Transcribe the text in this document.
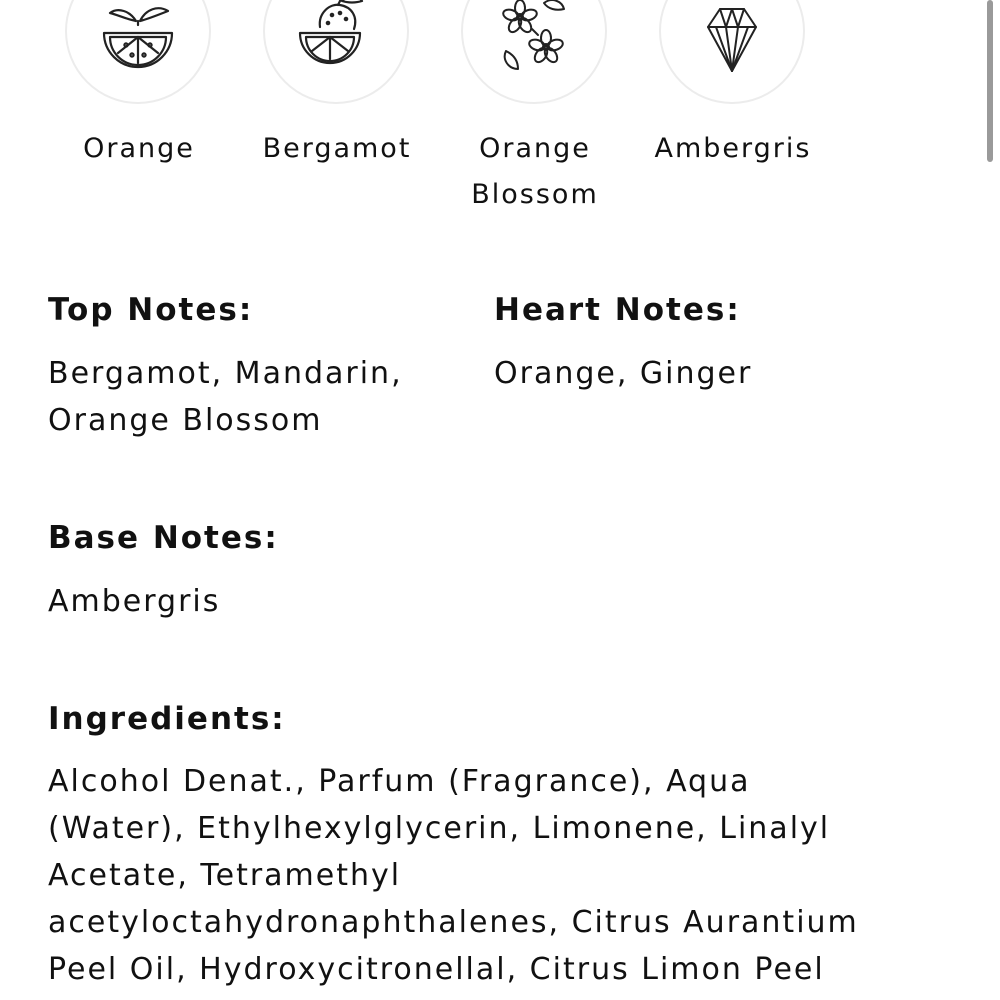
Orange	Bergamot	Orange
Blossom
Ambergris
Top Notes:

Bergamot, Mandarin,
Orange Blossom

Heart Notes:

Orange, Ginger

Base Notes:

Ambergris

Ingredients:
Alcohol Denat., Parfum (Fragrance), Aqua
(Water), Ethylhexylglycerin, Limonene, Linalyl
Acetate, Tetramethyl
acetyloctahydronaphthalenes, Citrus Aurantium
Peel Oil, Hydroxycitronellal, Citrus Limon Peel
